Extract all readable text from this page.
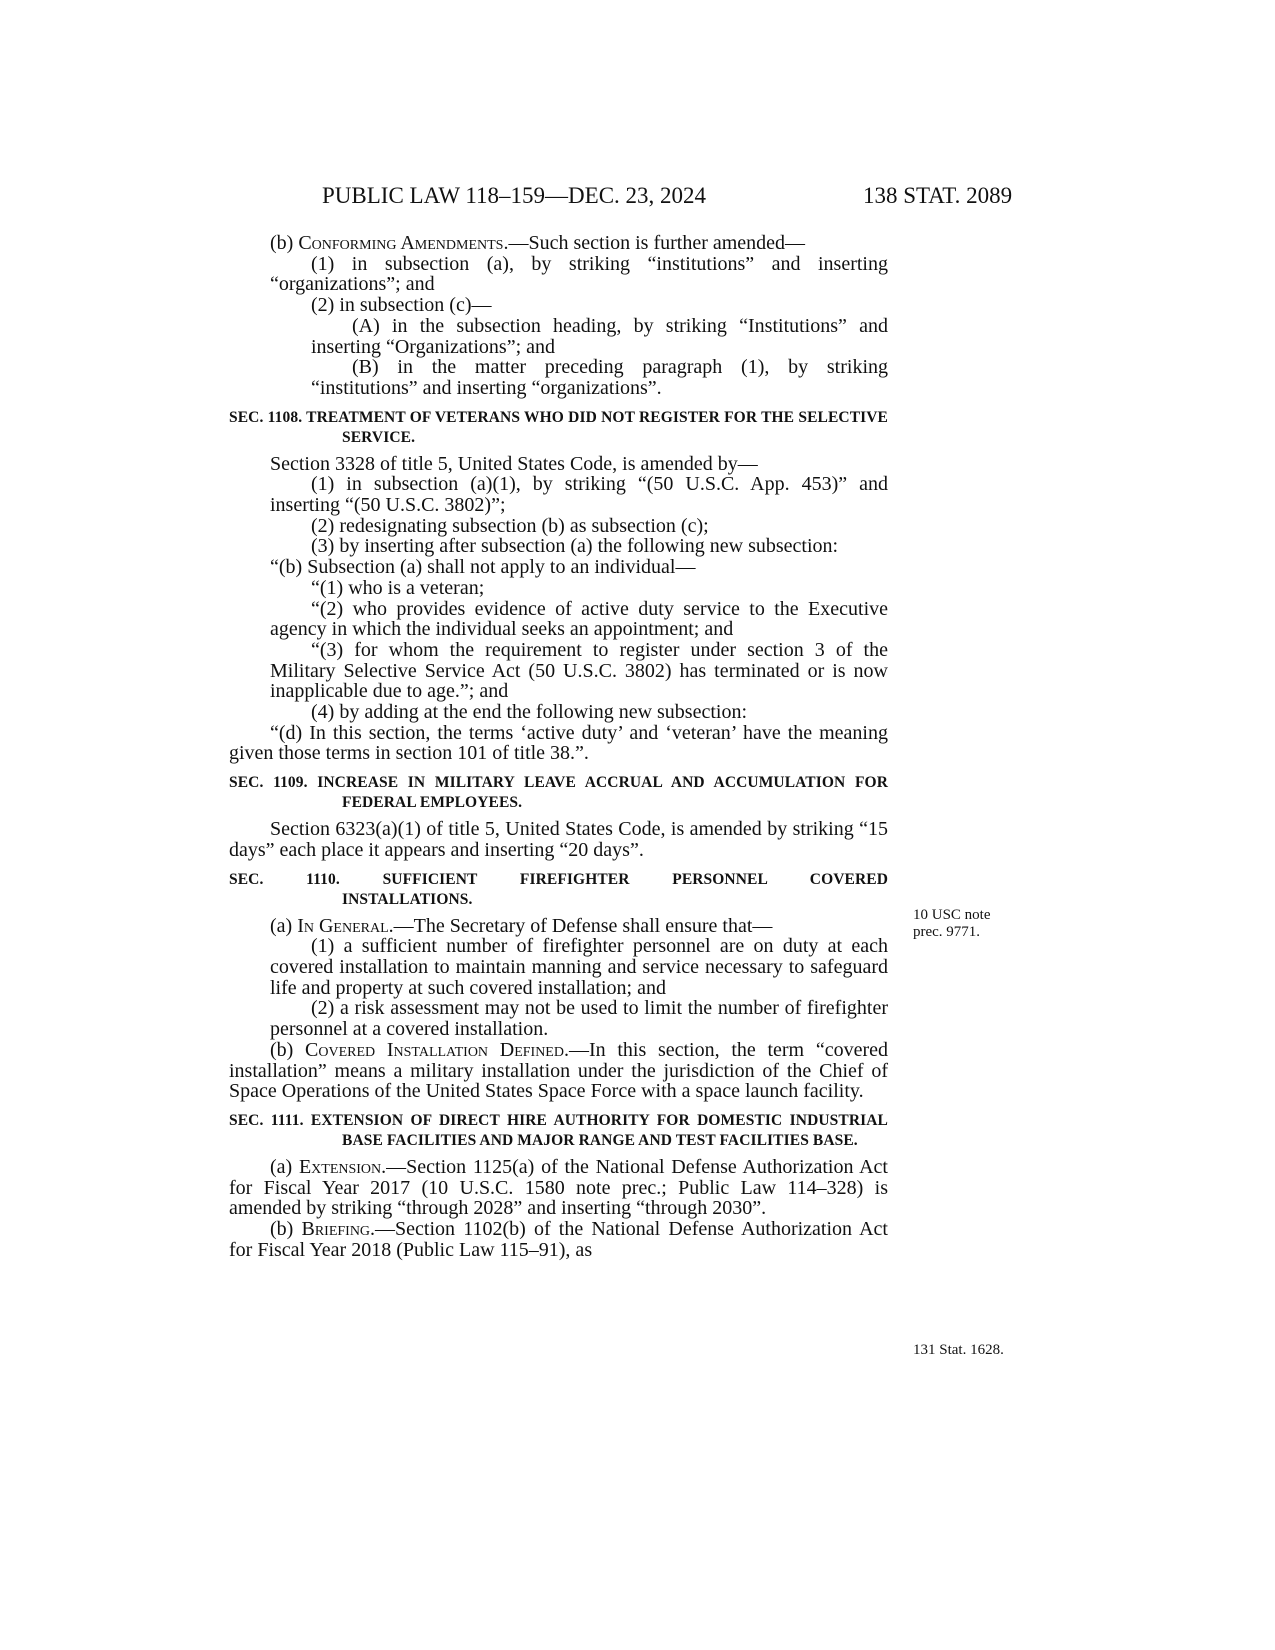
PUBLIC LAW 118–159—DEC. 23, 2024	138 STAT. 2089

(b) Conforming Amendments.—Such section is further amended—

(1) in subsection (a), by striking “institutions” and inserting “organizations”; and

(2) in subsection (c)—

(A) in the subsection heading, by striking “Institutions” and inserting “Organizations”; and

(B) in the matter preceding paragraph (1), by striking “institutions” and inserting “organizations”.

SEC. 1108. TREATMENT OF VETERANS WHO DID NOT REGISTER FOR THE SELECTIVE SERVICE.

Section 3328 of title 5, United States Code, is amended by—

(1) in subsection (a)(1), by striking “(50 U.S.C. App. 453)” and inserting “(50 U.S.C. 3802)”;

(2) redesignating subsection (b) as subsection (c);

(3) by inserting after subsection (a) the following new subsection:

“(b) Subsection (a) shall not apply to an individual—

“(1) who is a veteran;

“(2) who provides evidence of active duty service to the Executive agency in which the individual seeks an appointment; and

“(3) for whom the requirement to register under section 3 of the Military Selective Service Act (50 U.S.C. 3802) has terminated or is now inapplicable due to age.”; and

(4) by adding at the end the following new subsection:

“(d) In this section, the terms ‘active duty’ and ‘veteran’ have the meaning given those terms in section 101 of title 38.”.

SEC. 1109. INCREASE IN MILITARY LEAVE ACCRUAL AND ACCUMULATION FOR FEDERAL EMPLOYEES.

Section 6323(a)(1) of title 5, United States Code, is amended by striking “15 days” each place it appears and inserting “20 days”.

SEC. 1110. SUFFICIENT FIREFIGHTER PERSONNEL COVERED INSTALLATIONS.

(a) In General.—The Secretary of Defense shall ensure that—

(1) a sufficient number of firefighter personnel are on duty at each covered installation to maintain manning and service necessary to safeguard life and property at such covered installation; and

(2) a risk assessment may not be used to limit the number of firefighter personnel at a covered installation.

(b) Covered Installation Defined.—In this section, the term “covered installation” means a military installation under the jurisdiction of the Chief of Space Operations of the United States Space Force with a space launch facility.

SEC. 1111. EXTENSION OF DIRECT HIRE AUTHORITY FOR DOMESTIC INDUSTRIAL BASE FACILITIES AND MAJOR RANGE AND TEST FACILITIES BASE.

(a) Extension.—Section 1125(a) of the National Defense Authorization Act for Fiscal Year 2017 (10 U.S.C. 1580 note prec.; Public Law 114–328) is amended by striking “through 2028” and inserting “through 2030”.

(b) Briefing.—Section 1102(b) of the National Defense Authorization Act for Fiscal Year 2018 (Public Law 115–91), as

10 USC note prec. 9771.
131 Stat. 1628.
